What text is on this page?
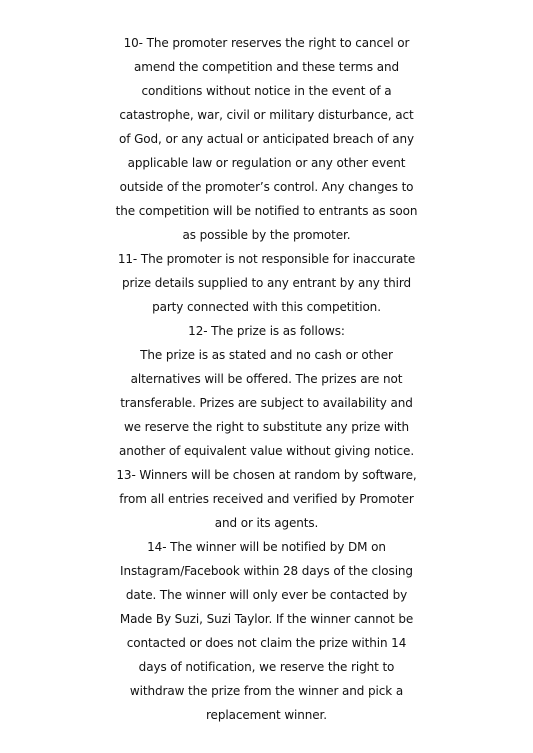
10- The promoter reserves the right to cancel or
amend the competition and these terms and
conditions without notice in the event of a
catastrophe, war, civil or military disturbance, act
of God, or any actual or anticipated breach of any
applicable law or regulation or any other event
outside of the promoter’s control. Any changes to
the competition will be notified to entrants as soon
as possible by the promoter.
11- The promoter is not responsible for inaccurate
prize details supplied to any entrant by any third
party connected with this competition.
12- The prize is as follows:
The prize is as stated and no cash or other
alternatives will be offered. The prizes are not
transferable. Prizes are subject to availability and
we reserve the right to substitute any prize with
another of equivalent value without giving notice.
13- Winners will be chosen at random by software,
from all entries received and verified by Promoter
and or its agents.
14- The winner will be notified by DM on
Instagram/Facebook within 28 days of the closing
date. The winner will only ever be contacted by
Made By Suzi, Suzi Taylor. If the winner cannot be
contacted or does not claim the prize within 14
days of notification, we reserve the right to
withdraw the prize from the winner and pick a
replacement winner.
